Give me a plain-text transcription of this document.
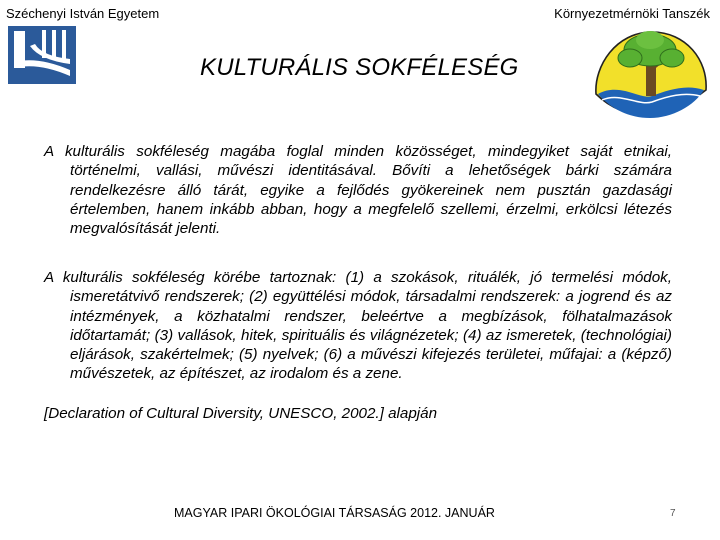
Széchenyi István Egyetem	Környezetmérnöki Tanszék
KULTURÁLIS SOKFÉLESÉG

A kulturális sokféleség magába foglal minden közösséget, mindegyiket saját etnikai, történelmi, vallási, művészi identitásával. Bővíti a lehetőségek bárki számára rendelkezésre álló tárát, egyike a fejlődés gyökereinek nem pusztán gazdasági értelemben, hanem inkább abban, hogy a megfelelő szellemi, érzelmi, erkölcsi létezés megvalósítását jelenti.

A kulturális sokféleség körébe tartoznak: (1) a szokások, rituálék, jó termelési módok, ismeretátvivő rendszerek; (2) együttélési módok, társadalmi rendszerek: a jogrend és az intézmények, a közhatalmi rendszer, beleértve a megbízások, fölhatalmazások időtartamát; (3) vallások, hitek, spirituális és világnézetek; (4) az ismeretek, (technológiai) eljárások, szakértelmek; (5) nyelvek; (6) a művészi kifejezés területei, műfajai: a (képző) művészetek, az építészet, az irodalom és a zene.

[Declaration of Cultural Diversity, UNESCO, 2002.] alapján

MAGYAR IPARI ÖKOLÓGIAI TÁRSASÁG 2012. JANUÁR	7
